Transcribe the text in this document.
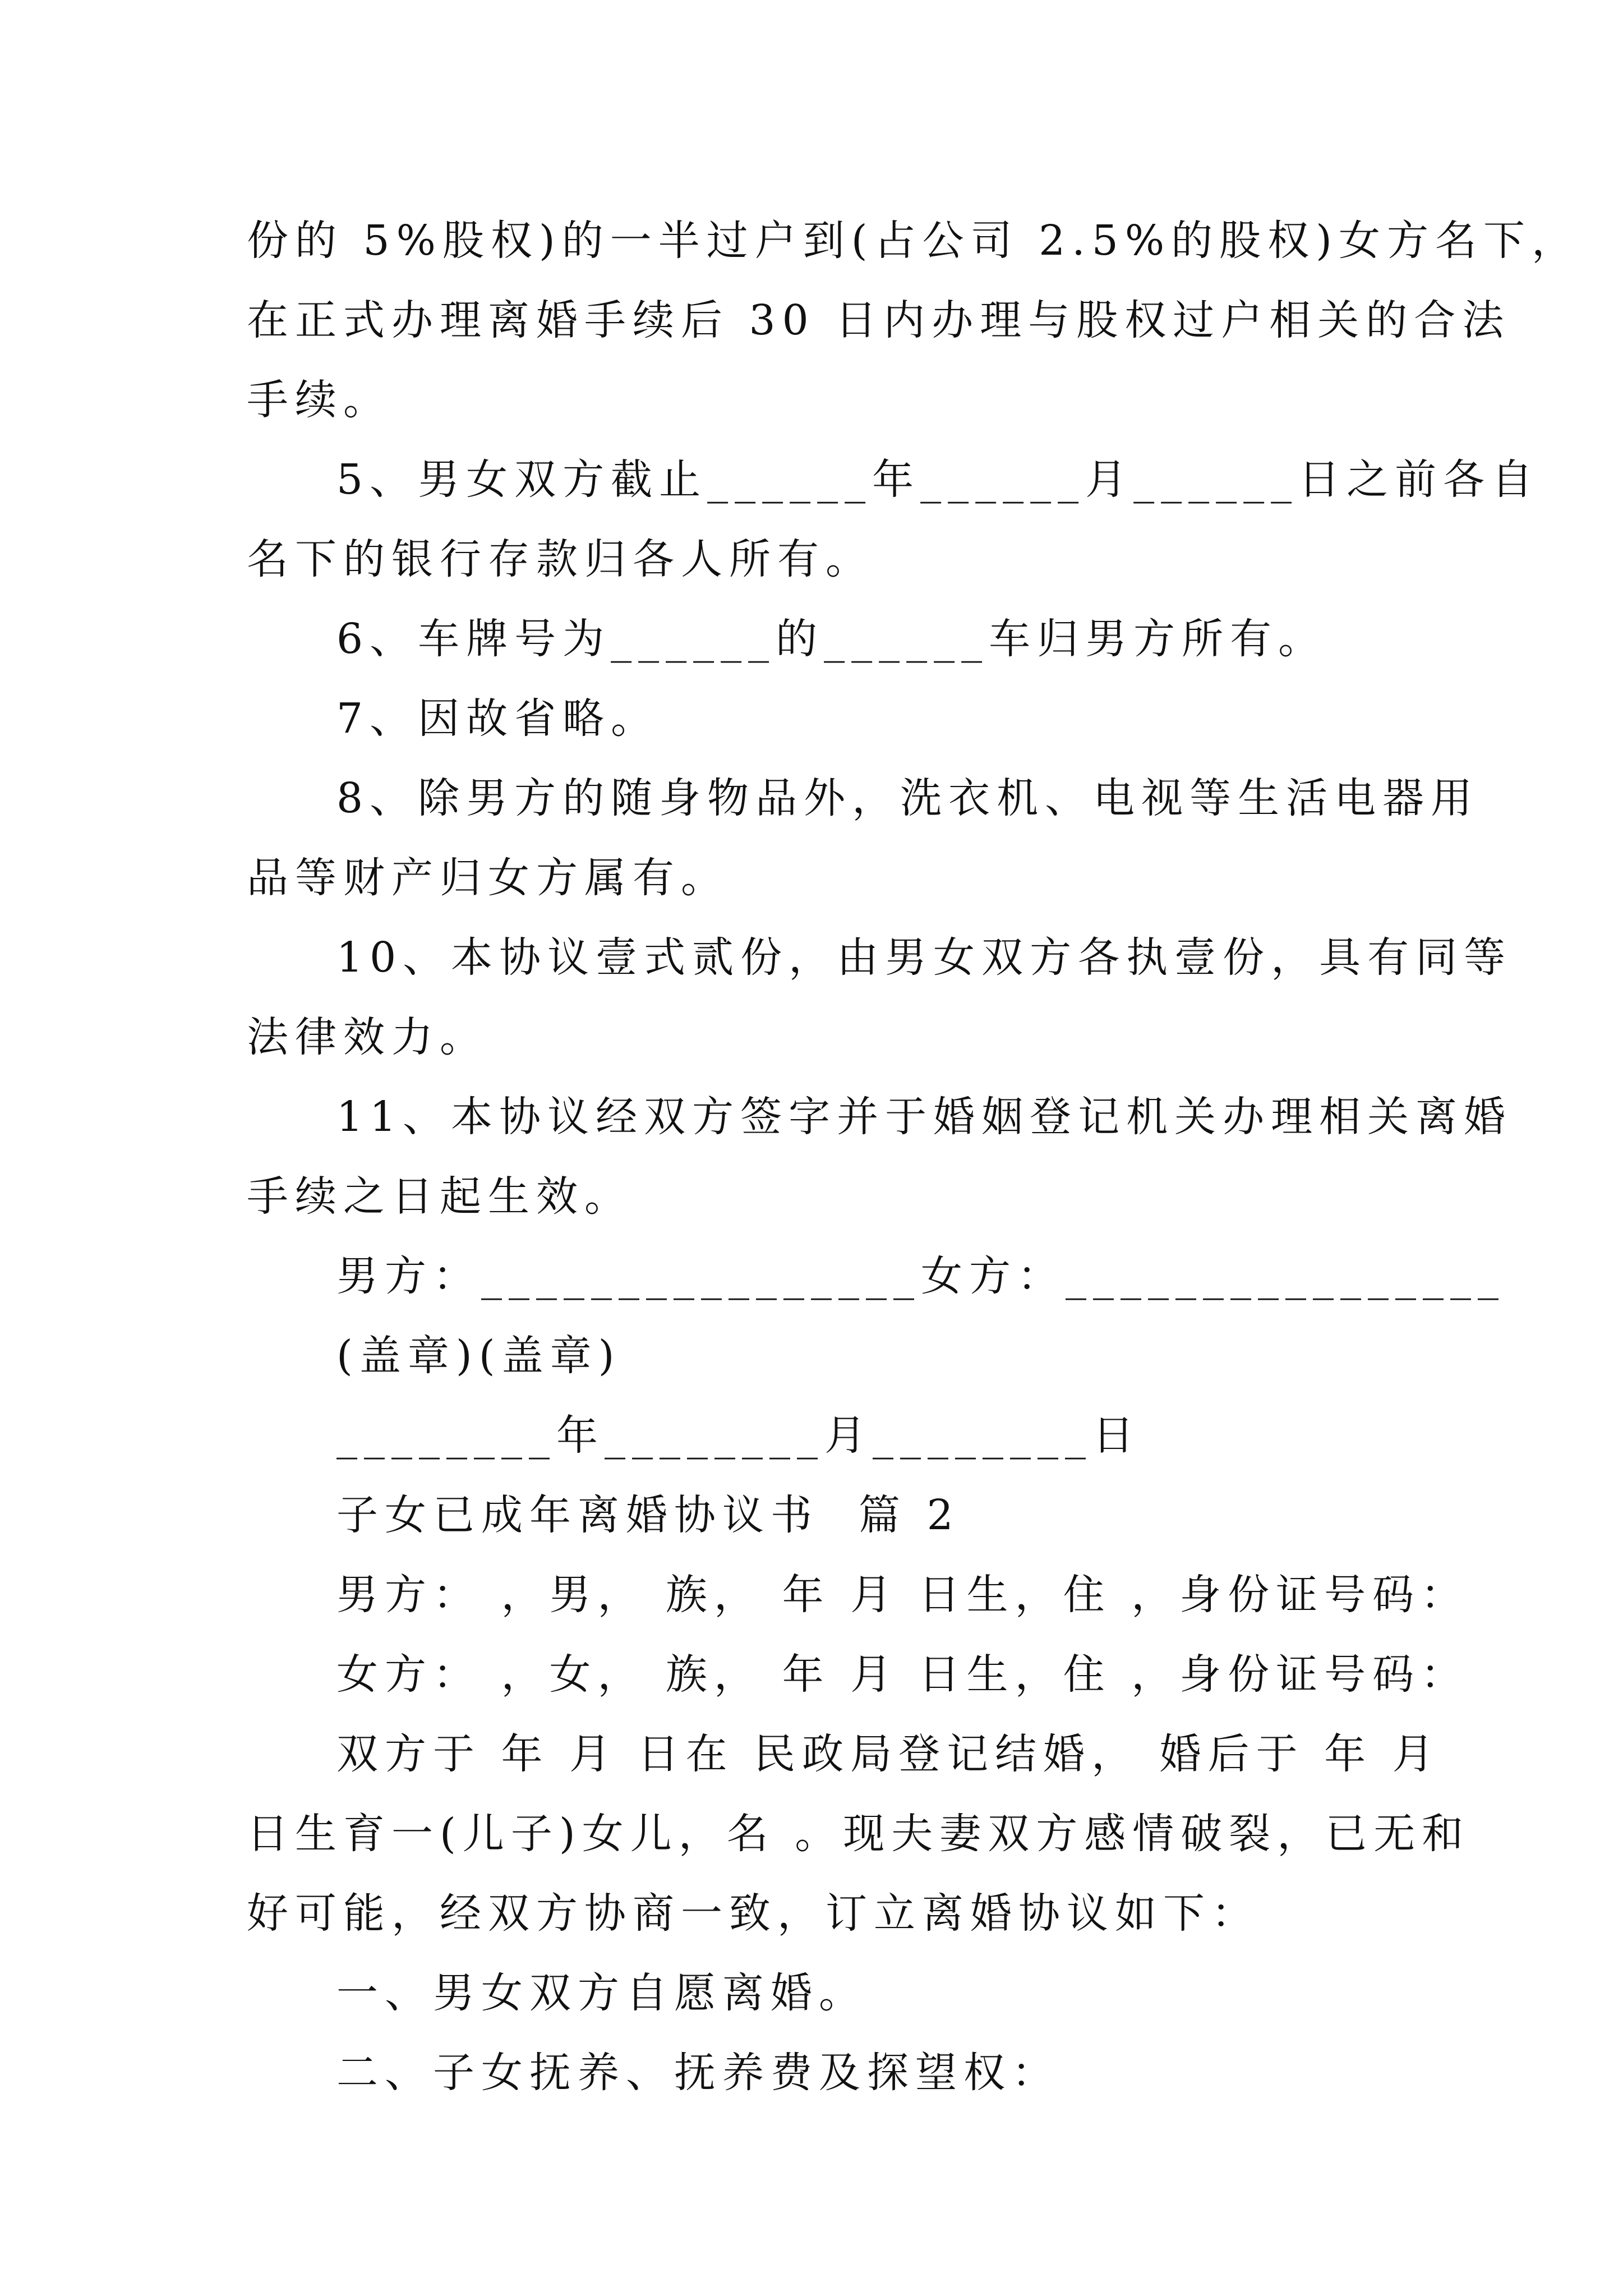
份的 5%股权)的一半过户到(占公司 2.5%的股权)女方名下，
在正式办理离婚手续后 30 日内办理与股权过户相关的合法
手续。
5、男女双方截止______年______月______日之前各自
名下的银行存款归各人所有。
6、车牌号为______的______车归男方所有。
7、因故省略。
8、除男方的随身物品外，洗衣机、电视等生活电器用
品等财产归女方属有。
10、本协议壹式贰份，由男女双方各执壹份，具有同等
法律效力。
11、本协议经双方签字并于婚姻登记机关办理相关离婚
手续之日起生效。
男方：________________女方：________________
(盖章)(盖章)
________年________月________日
子女已成年离婚协议书  篇 2
男方： ，男， 族， 年 月 日生，住 ，身份证号码：
女方： ，女， 族， 年 月 日生，住 ，身份证号码：
双方于 年 月 日在 民政局登记结婚， 婚后于 年 月
日生育一(儿子)女儿，名 。现夫妻双方感情破裂，已无和
好可能，经双方协商一致，订立离婚协议如下：
一、男女双方自愿离婚。
二、子女抚养、抚养费及探望权：
